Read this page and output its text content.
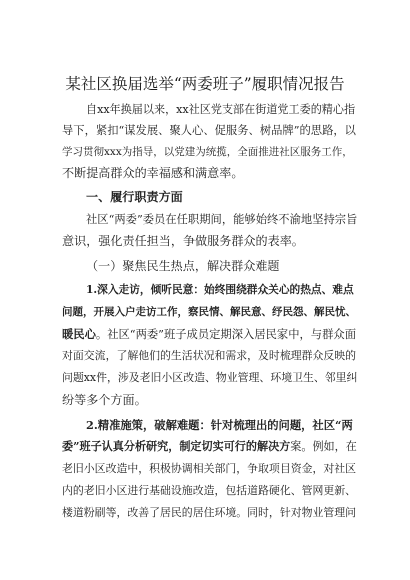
某社区换届选举“两委班子”履职情况报告

自xx年换届以来，xx社区党支部在街道党工委的精心指

导下，紧扣“谋发展、聚人心、促服务、树品牌”的思路，以

学习贯彻xxx为指导，以党建为统揽，全面推进社区服务工作，

不断提高群众的幸福感和满意率。

一、履行职责方面

社区“两委”委员在任职期间，能够始终不渝地坚持宗旨

意识，强化责任担当，争做服务群众的表率。

（一）聚焦民生热点，解决群众难题

1.深入走访，倾听民意：始终围绕群众关心的热点、难点

问题，开展入户走访工作，察民情、解民意、纾民怨、解民忧、

暖民心。社区“两委”班子成员定期深入居民家中，与群众面

对面交流，了解他们的生活状况和需求，及时梳理群众反映的

问题xx件，涉及老旧小区改造、物业管理、环境卫生、邻里纠

纷等多个方面。

2.精准施策，破解难题：针对梳理出的问题，社区“两

委”班子认真分析研究，制定切实可行的解决方案。例如，在

老旧小区改造中，积极协调相关部门，争取项目资金，对社区

内的老旧小区进行基础设施改造，包括道路硬化、管网更新、

楼道粉刷等，改善了居民的居住环境。同时，针对物业管理问
